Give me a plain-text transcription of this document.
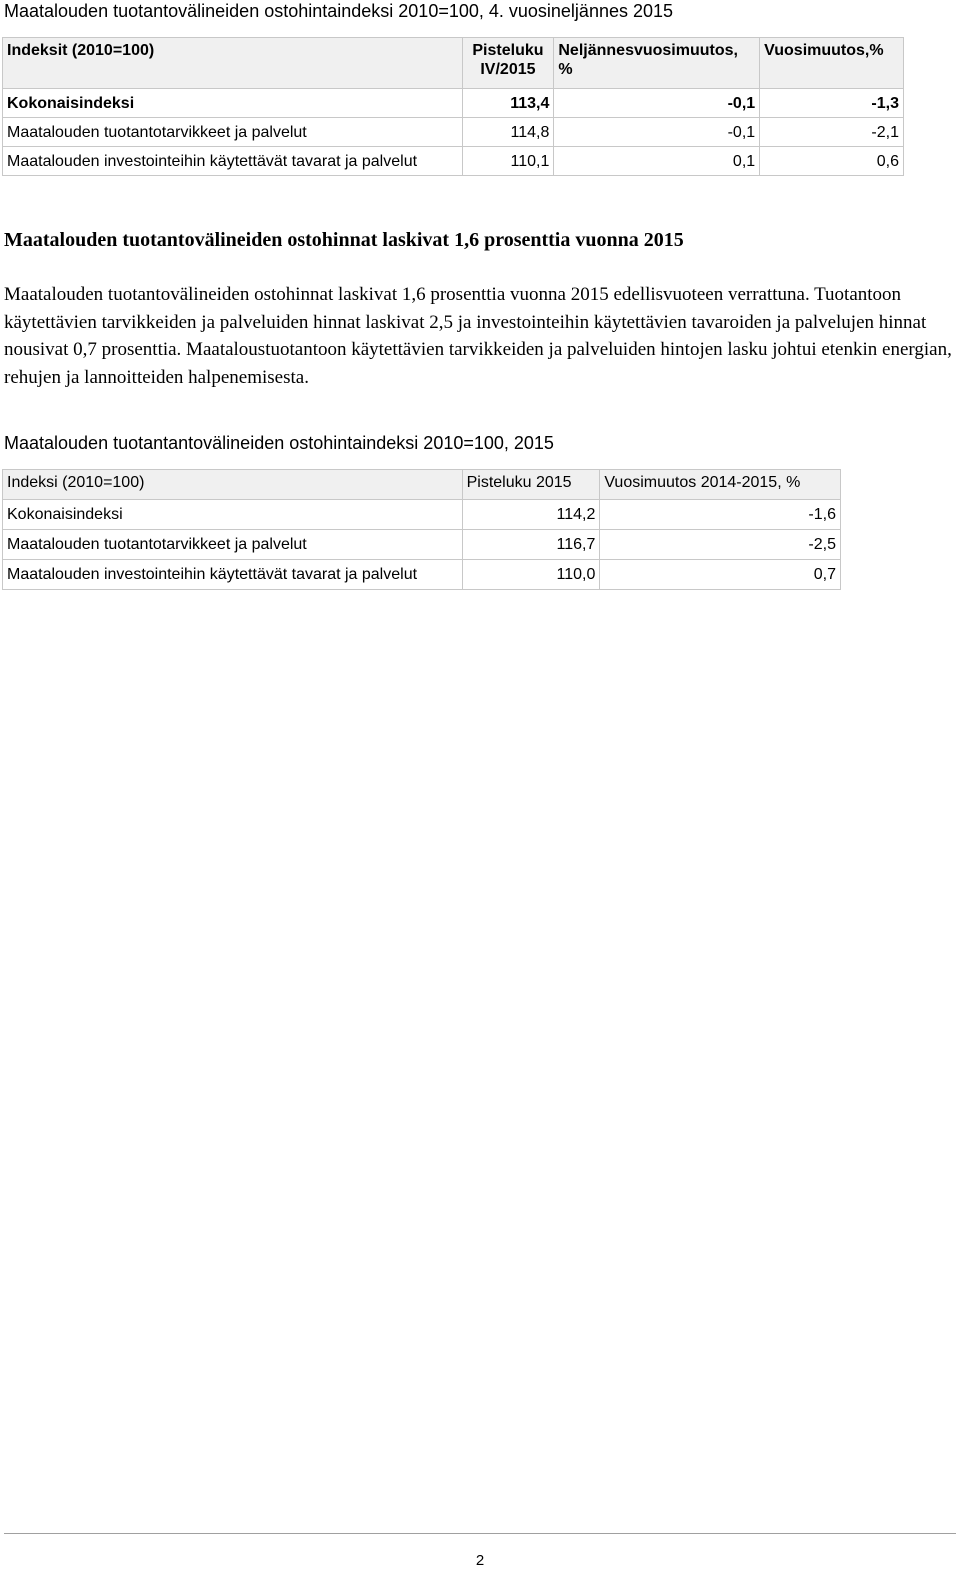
Maatalouden tuotantovälineiden ostohintaindeksi 2010=100, 4. vuosineljännes 2015
Indeksit (2010=100)	Pisteluku IV/2015	Neljännesvuosimuutos, %	Vuosimuutos,%
Kokonaisindeksi	113,4	-0,1	-1,3
Maatalouden tuotantotarvikkeet ja palvelut	114,8	-0,1	-2,1
Maatalouden investointeihin käytettävät tavarat ja palvelut	110,1	0,1	0,6
Maatalouden tuotantovälineiden ostohinnat laskivat 1,6 prosenttia vuonna 2015

Maatalouden tuotantovälineiden ostohinnat laskivat 1,6 prosenttia vuonna 2015 edellisvuoteen verrattuna. Tuotantoon käytettävien tarvikkeiden ja palveluiden hinnat laskivat 2,5 ja investointeihin käytettävien tavaroiden ja palvelujen hinnat nousivat 0,7 prosenttia. Maataloustuotantoon käytettävien tarvikkeiden ja palveluiden hintojen lasku johtui etenkin energian, rehujen ja lannoitteiden halpenemisesta.

Maatalouden tuotantantovälineiden ostohintaindeksi 2010=100, 2015
Indeksi (2010=100)	Pisteluku 2015	Vuosimuutos 2014-2015, %
Kokonaisindeksi	114,2	-1,6
Maatalouden tuotantotarvikkeet ja palvelut	116,7	-2,5
Maatalouden investointeihin käytettävät tavarat ja palvelut	110,0	0,7
2
